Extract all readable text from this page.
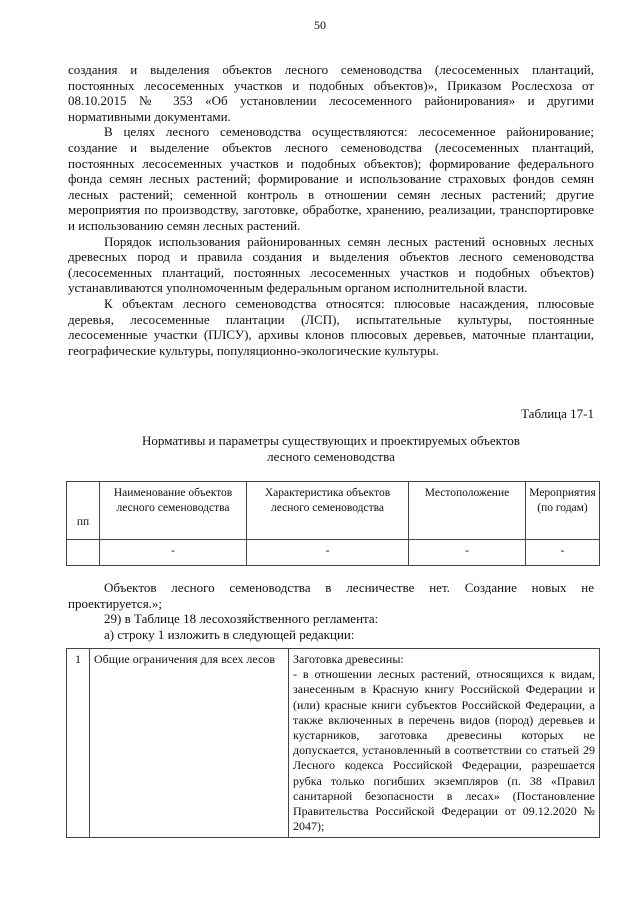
50

создания и выделения объектов лесного семеноводства (лесосеменных плантаций, постоянных лесосеменных участков и подобных объектов)», Приказом Рослесхоза от 08.10.2015 № 353 «Об установлении лесосеменного районирования» и другими нормативными документами.

В целях лесного семеноводства осуществляются: лесосеменное районирование; создание и выделение объектов лесного семеноводства (лесосеменных плантаций, постоянных лесосеменных участков и подобных объектов); формирование федерального фонда семян лесных растений; формирование и использование страховых фондов семян лесных растений; семенной контроль в отношении семян лесных растений; другие мероприятия по производству, заготовке, обработке, хранению, реализации, транспортировке и использованию семян лесных растений.

Порядок использования районированных семян лесных растений основных лесных древесных пород и правила создания и выделения объектов лесного семеноводства (лесосеменных плантаций, постоянных лесосеменных участков и подобных объектов) устанавливаются уполномоченным федеральным органом исполнительной власти.

К объектам лесного семеноводства относятся: плюсовые насаждения, плюсовые деревья, лесосеменные плантации (ЛСП), испытательные культуры, постоянные лесосеменные участки (ПЛСУ), архивы клонов плюсовых деревьев, маточные плантации, географические культуры, популяционно-экологические культуры.

Таблица 17-1
Нормативы и параметры существующих и проектируемых объектов
лесного семеноводства
пп	Наименование объектов лесного семеноводства	Характеристика объектов лесного семеноводства	Местоположение	Мероприятия (по годам)
	-	-	-	-

Объектов лесного семеноводства в лесничестве нет. Создание новых не проектируется.»;

29) в Таблице 18 лесохозяйственного регламента:

а) строку 1 изложить в следующей редакции:

1	Общие ограничения для всех лесов	Заготовка древесины:
- в отношении лесных растений, относящихся к видам, занесенным в Красную книгу Российской Федерации и (или) красные книги субъектов Российской Федерации, а также включенных в перечень видов (пород) деревьев и кустарников, заготовка древесины которых не допускается, установленный в соответствии со статьей 29 Лесного кодекса Российской Федерации, разрешается рубка только погибших экземпляров (п. 38 «Правил санитарной безопасности в лесах» (Постановление Правительства Российской Федерации от 09.12.2020 № 2047);
